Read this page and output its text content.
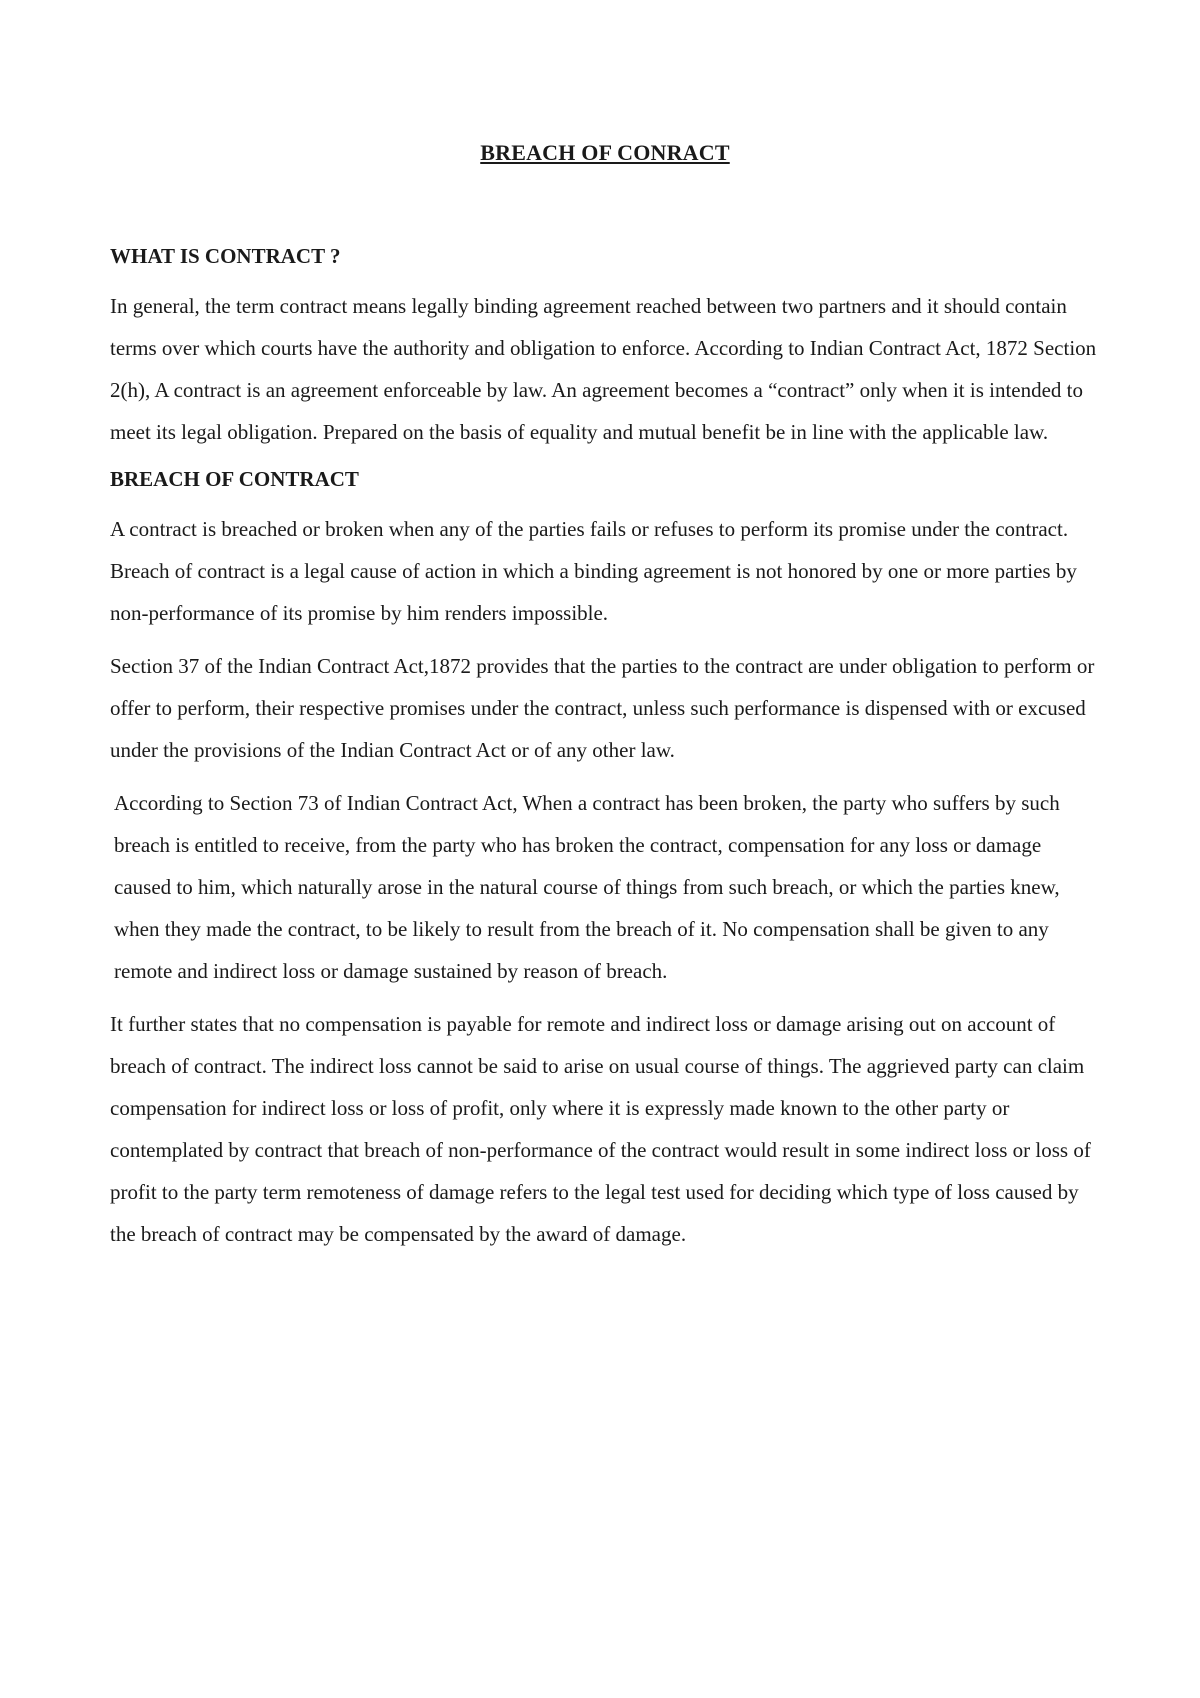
BREACH OF CONRACT
WHAT IS CONTRACT ?

In general, the term contract means legally binding agreement reached between two partners and it should contain terms over which courts have the authority and obligation to enforce. According to Indian Contract Act, 1872 Section 2(h), A contract is an agreement enforceable by law. An agreement becomes a “contract” only when it is intended to meet its legal obligation. Prepared on the basis of equality and mutual benefit be in line with the applicable law.

BREACH OF CONTRACT

A contract is breached or broken when any of the parties fails or refuses to perform its promise under the contract. Breach of contract is a legal cause of action in which a binding agreement is not honored by one or more parties by non-performance of its promise by him renders impossible.

Section 37 of the Indian Contract Act,1872 provides that the parties to the contract are under obligation to perform or offer to perform, their respective promises under the contract, unless such performance is dispensed with or excused under the provisions of the Indian Contract Act or of any other law.

According to Section 73 of Indian Contract Act, When a contract has been broken, the party who suffers by such breach is entitled to receive, from the party who has broken the contract, compensation for any loss or damage caused to him, which naturally arose in the natural course of things from such breach, or which the parties knew, when they made the contract, to be likely to result from the breach of it. No compensation shall be given to any remote and indirect loss or damage sustained by reason of breach.

It further states that no compensation is payable for remote and indirect loss or damage arising out on account of breach of contract. The indirect loss cannot be said to arise on usual course of things. The aggrieved party can claim compensation for indirect loss or loss of profit, only where it is expressly made known to the other party or contemplated by contract that breach of non-performance of the contract would result in some indirect loss or loss of profit to the party term remoteness of damage refers to the legal test used for deciding which type of loss caused by the breach of contract may be compensated by the award of damage.
